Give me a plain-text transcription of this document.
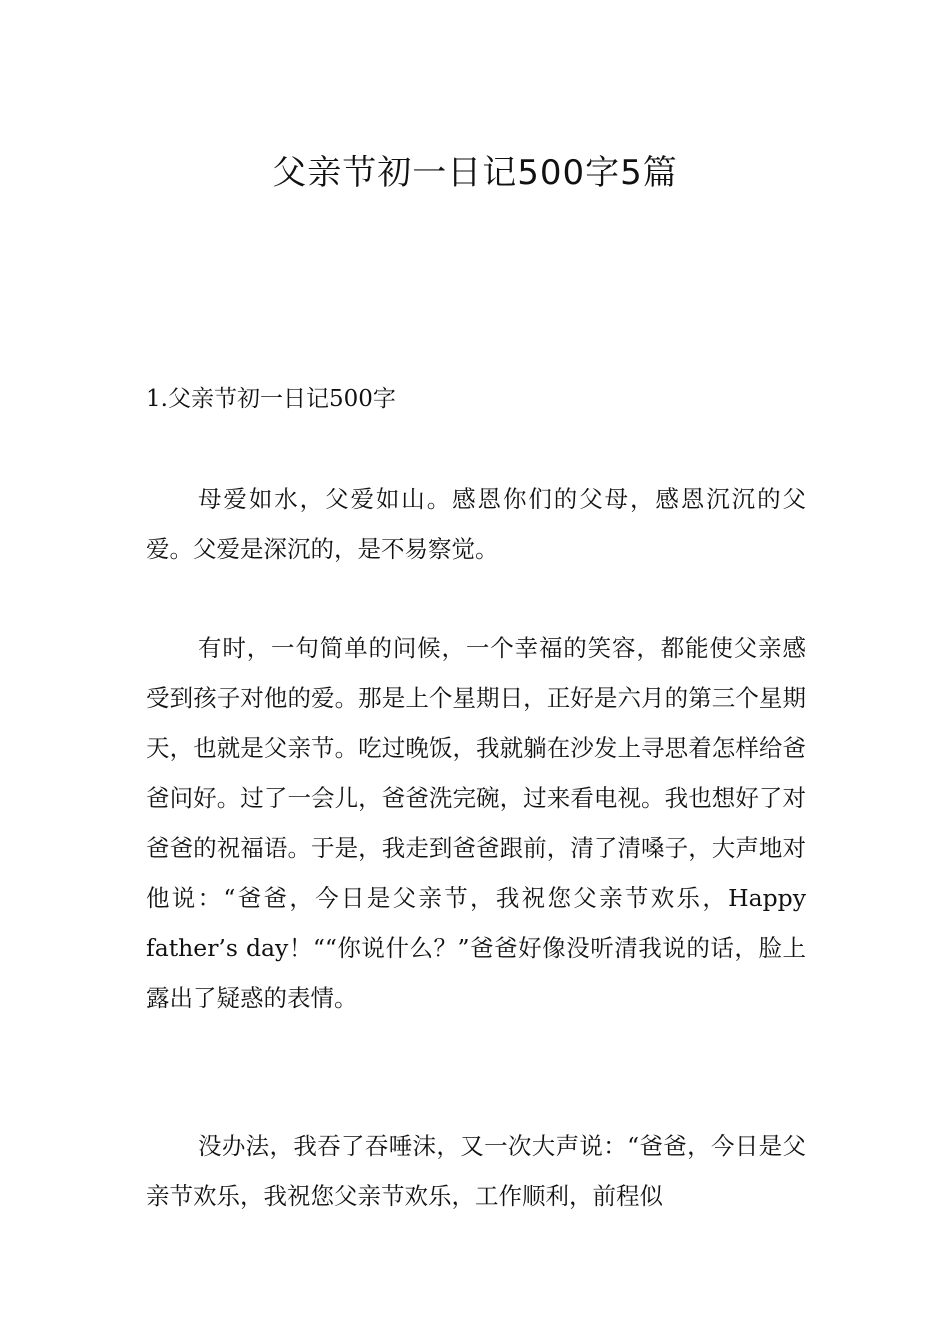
父亲节初一日记500字5篇
1.父亲节初一日记500字

母爱如水，父爱如山。感恩你们的父母，感恩沉沉的父爱。父爱是深沉的，是不易察觉。

有时，一句简单的问候，一个幸福的笑容，都能使父亲感受到孩子对他的爱。那是上个星期日，正好是六月的第三个星期天，也就是父亲节。吃过晚饭，我就躺在沙发上寻思着怎样给爸爸问好。过了一会儿，爸爸洗完碗，过来看电视。我也想好了对爸爸的祝福语。于是，我走到爸爸跟前，清了清嗓子，大声地对他说：“爸爸，今日是父亲节，我祝您父亲节欢乐，Happy father’s day！““你说什么？”爸爸好像没听清我说的话，脸上露出了疑惑的表情。

没办法，我吞了吞唾沫，又一次大声说：“爸爸，今日是父亲节欢乐，我祝您父亲节欢乐，工作顺利，前程似
